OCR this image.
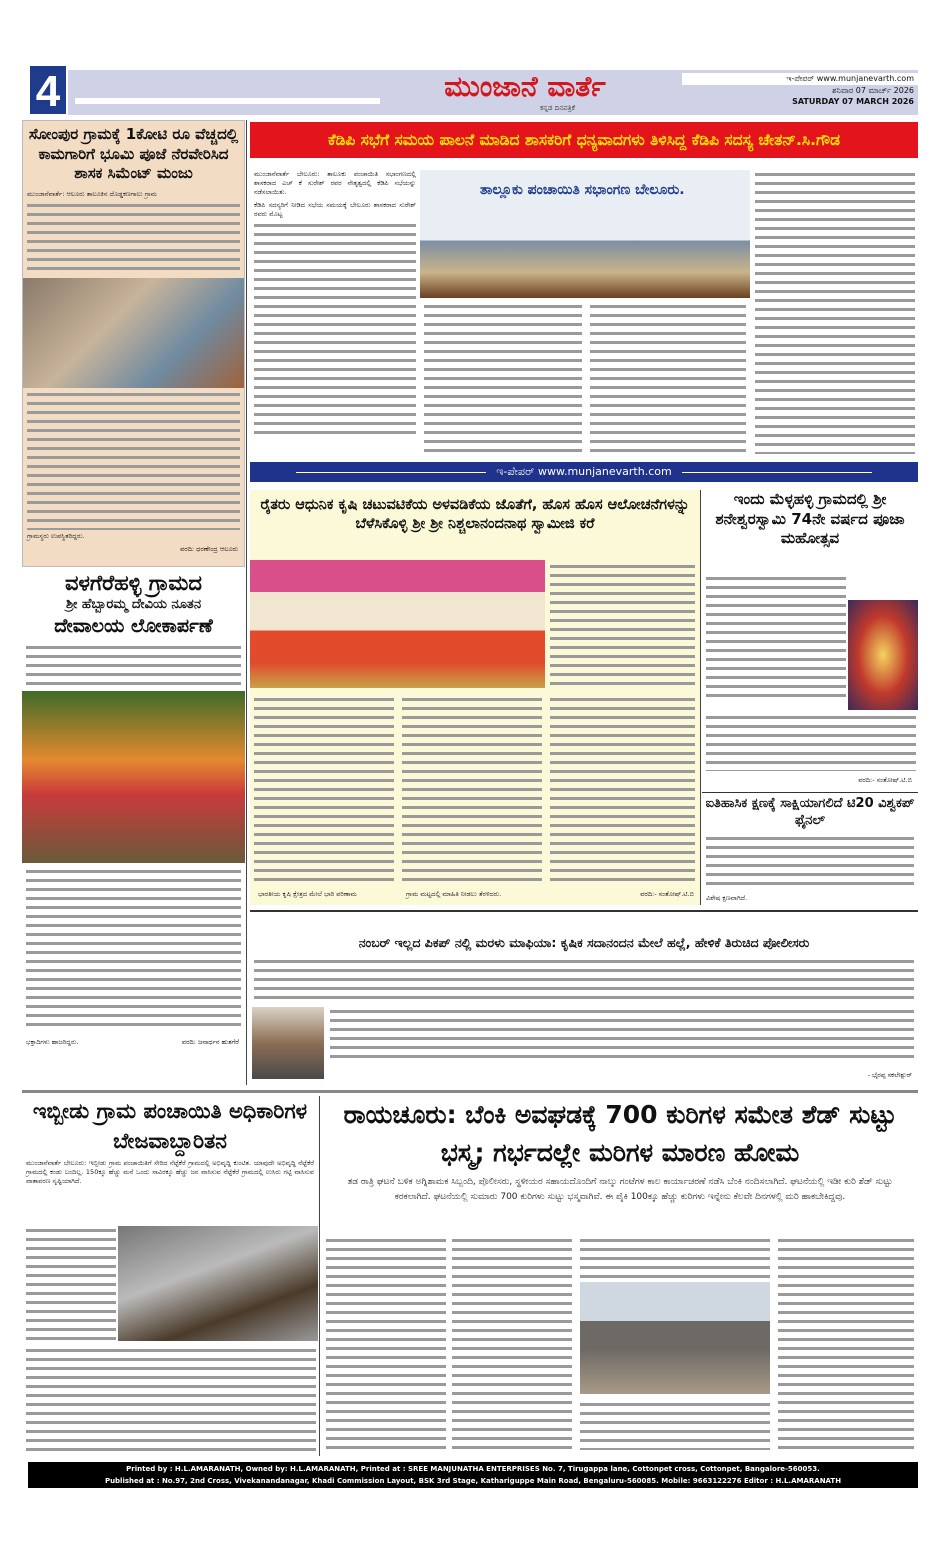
4	ಮುಂಜಾನೆ ವಾರ್ತೆ
ಕನ್ನಡ ದಿನಪತ್ರಿಕೆ
ಇ-ಪೇಪರ್ www.munjanevarth.com
ಶನಿವಾರ 07 ಮಾರ್ಚ್ 2026
SATURDAY 07 MARCH 2026
ಸೋಂಪುರ ಗ್ರಾಮಕ್ಕೆ 1ಕೋಟಿ ರೂ ವೆಚ್ಚದಲ್ಲಿ ಕಾಮಗಾರಿಗೆ ಭೂಮಿ ಪೂಜೆ ನೆರವೇರಿಸಿದ ಶಾಸಕ ಸಿಮೆಂಟ್ ಮಂಜು
ಮುಂಜಾನೆವಾರ್ತೆ: ಆಲೂರು ತಾಲೂಕಿನ ದೊಡ್ಡಕಣಗಾಲು ಗ್ರಾಮ
ಗ್ರಾಮಸ್ಥರು ಉಪಸ್ಥಿತರಿದ್ದರು.
ವರದಿ: ಧರಣೇಂದ್ರ ಆಲೂರು
ಕೆಡಿಪಿ ಸಭೆಗೆ ಸಮಯ ಪಾಲನೆ ಮಾಡಿದ ಶಾಸಕರಿಗೆ ಧನ್ಯವಾದಗಳು ತಿಳಿಸಿದ್ದ ಕೆಡಿಪಿ ಸದಸ್ಯ ಚೇತನ್.ಸಿ.ಗೌಡ
ಮುಂಜಾನೆವಾರ್ತೆ ಬೇಲೂರು: ತಾಲೂಕು ಪಂಚಾಯಿತಿ ಸಭಾಂಗಣದಲ್ಲಿ ಶಾಸಕರಾದ ಎಚ್ ಕೆ ಸುರೇಶ್ ರವರ ನೇತೃತ್ವದಲ್ಲಿ ಕೆಡಿಪಿ ಸಭೆಯನ್ನು ನಡೆಸಲಾಯಿತು.
ಕೆಡಿಪಿ ಸದಸ್ಯರಿಗೆ ನೀಡಿದ ಸಭೆಯ ಸಮಯಕ್ಕೆ ಬೇಲೂರು ಶಾಸಕರಾದ ಸುರೇಶ್ ರವರು ಮೊಟ್ಟ
ತಾಲ್ಲೂಕು ಪಂಚಾಯಿತಿ ಸಭಾಂಗಣ ಬೇಲೂರು.
ಇ-ಪೇಪರ್ www.munjanevarth.com
ರೈತರು ಆಧುನಿಕ ಕೃಷಿ ಚಟುವಟಿಕೆಯ ಅಳವಡಿಕೆಯ ಜೊತೆಗೆ, ಹೊಸ ಹೊಸ ಆಲೋಚನೆಗಳನ್ನು ಬೆಳೆಸಿಕೊಳ್ಳಿ ಶ್ರೀ ಶ್ರೀ ನಿಶ್ಚಲಾನಂದನಾಥ ಸ್ವಾಮೀಜಿ ಕರೆ
ಭಾರತೀಯ ಕೃಷಿ ಕ್ಷೇತ್ರದ ಮೇಲೆ ಭಾರಿ ಪರಿಣಾಮ	ಗ್ರಾಮ ಮಟ್ಟದಲ್ಲಿ ಮಾಹಿತಿ ನೀಡಲು ತೆರಳಿದರು.	ವರದಿ:- ಸಂತೋಷ್.ಟಿ.ಬಿ
ಇಂದು ಮೆಳ್ಳಹಳ್ಳಿ ಗ್ರಾಮದಲ್ಲಿ ಶ್ರೀ ಶನೇಶ್ವರಸ್ವಾಮಿ 74ನೇ ವರ್ಷದ ಪೂಜಾ ಮಹೋತ್ಸವ
ವರದಿ:- ಸಂತೋಷ್.ಟಿ.ಬಿ
ಐತಿಹಾಸಿಕ ಕ್ಷಣಕ್ಕೆ ಸಾಕ್ಷಿಯಾಗಲಿದೆ ಟಿ20 ವಿಶ್ವಕಪ್ ಫೈನಲ್
ವಿಶೇಷ ಕ್ಷಣವಾಗಿದೆ.
ವಳಗೆರೆಹಳ್ಳಿ ಗ್ರಾಮದ
ಶ್ರೀ ಹೆಬ್ಬಾರಮ್ಮ ದೇವಿಯ ನೂತನ
ದೇವಾಲಯ ಲೋಕಾರ್ಪಣೆ
ಭಕ್ತಾದಿಗಳು ಹಾಜರಿದ್ದರು.	ವರದಿ: ಜನಾರ್ಧನ ಹುತಗೆರೆ
ನಂಬರ್ ಇಲ್ಲದ ಪಿಕಪ್ ನಲ್ಲಿ ಮರಳು ಮಾಫಿಯಾ: ಕೃಷಿಕ ಸದಾನಂದನ ಮೇಲೆ ಹಲ್ಲೆ, ಹೇಳಿಕೆ ತಿರುಚಿದ ಪೋಲೀಸರು
- ಭೈರಪ್ಪ ಸಕಲೇಶ್ಪುರ್
ಇಬ್ಬೀಡು ಗ್ರಾಮ ಪಂಚಾಯಿತಿ ಅಧಿಕಾರಿಗಳ ಬೇಜವಾಬ್ದಾರಿತನ
ಮುಂಜಾನೆವಾರ್ತೆ ಬೇಲೂರು: ಇಬ್ಬೀಡು ಗ್ರಾಮ ಪಂಚಾಯಿತಿಗೆ ಸೇರಿದ ನೆಟ್ಟೆಕೆರೆ ಗ್ರಾಮದಲ್ಲಿ ಅಭಿವೃದ್ಧಿ ಕುಂಟಿತ. ಯಾವುದೇ ಅಭಿವೃದ್ಧಿ ನೆಟ್ಟೆಕೆರೆ ಗ್ರಾಮದಲ್ಲಿ ಕಂಡು ಬಂದಿಲ್ಲ. 150ಕ್ಕೂ ಹೆಚ್ಚು ಮನೆ ಒಂದು ಸಾವಿರಕ್ಕೂ ಹೆಚ್ಚು ಜನ ವಾಸಿಸುವ ನೆಟ್ಟೆಕೆರೆ ಗ್ರಾಮದಲ್ಲಿ ಉಸಿರು ಗಟ್ಟಿ ವಾಸಿಸುವ ವಾತಾವರಣ ಸೃಷ್ಟಿಯಾಗಿದೆ.
ರಾಯಚೂರು: ಬೆಂಕಿ ಅವಘಡಕ್ಕೆ 700 ಕುರಿಗಳ ಸಮೇತ ಶೆಡ್ ಸುಟ್ಟು ಭಸ್ಮ; ಗರ್ಭದಲ್ಲೇ ಮರಿಗಳ ಮಾರಣ ಹೋಮ
ತಡ ರಾತ್ರಿ ಘಟನೆ ಬಳಿಕ ಅಗ್ನಿಶಾಮಕ ಸಿಬ್ಬಂದಿ, ಪೊಲೀಸರು, ಸ್ಥಳೀಯರ ಸಹಾಯದೊಂದಿಗೆ ನಾಲ್ಕು ಗಂಟೆಗಳ ಕಾಲ ಕಾರ್ಯಾಚರಣೆ ನಡೆಸಿ ಬೆಂಕಿ ನಂದಿಸಲಾಗಿದೆ. ಘಟನೆಯಲ್ಲಿ ಇಡೀ ಕುರಿ ಶೆಡ್ ಸುಟ್ಟು ಕರಕಲಾಗಿದೆ. ಘಟನೆಯಲ್ಲಿ ಸುಮಾರು 700 ಕುರಿಗಳು ಸುಟ್ಟು ಭಸ್ಮವಾಗಿವೆ. ಈ ಪೈಕಿ 100ಕ್ಕೂ ಹೆಚ್ಚು ಕುರಿಗಳು ಇನ್ನೇನು ಕೆಲವೇ ದಿನಗಳಲ್ಲಿ ಮರಿ ಹಾಕಬೇಕಿದ್ದವು.
Printed by : H.L.AMARANATH, Owned by: H.L.AMARANATH, Printed at : SREE MANJUNATHA ENTERPRISES No. 7, Tirugappa lane, Cottonpet cross, Cottonpet, Bangalore-560053.
Published at : No.97, 2nd Cross, Vivekanandanagar, Khadi Commission Layout, BSK 3rd Stage, Kathariguppe Main Road, Bengaluru-560085. Mobile: 9663122276 Editor : H.L.AMARANATH
